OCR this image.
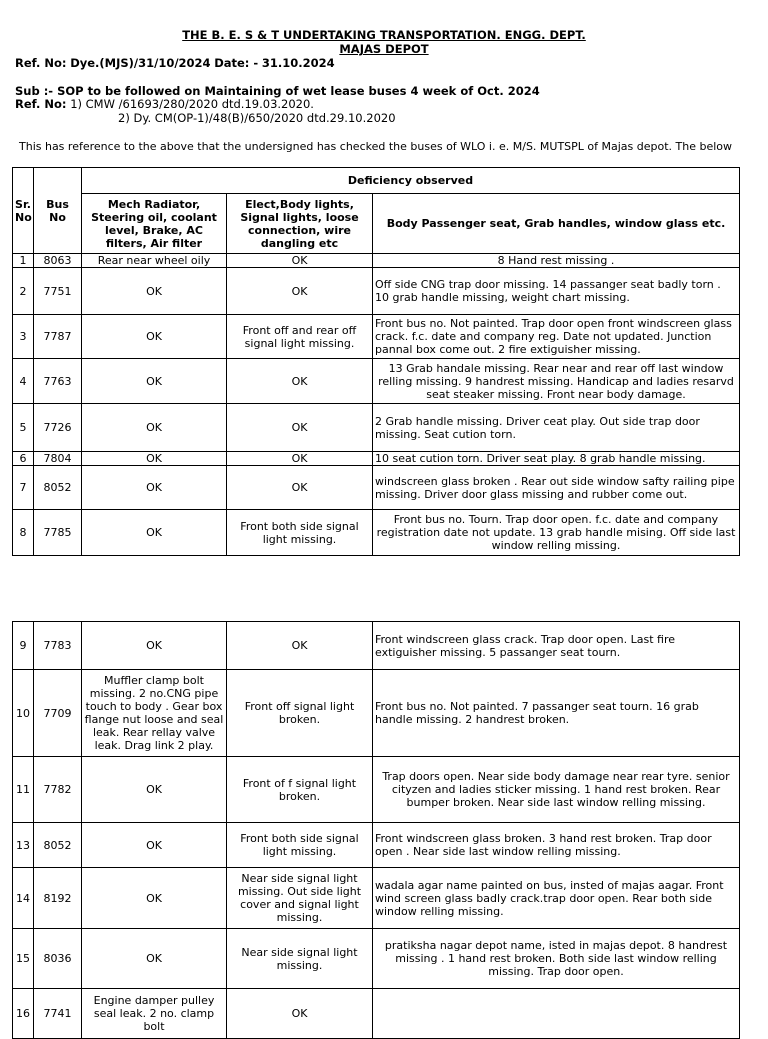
THE B. E. S & T UNDERTAKING TRANSPORTATION. ENGG. DEPT.
MAJAS DEPOT
Ref. No: Dye.(MJS)/31/10/2024 Date: - 31.10.2024
Sub :- SOP to be followed on Maintaining of wet lease buses 4 week of Oct. 2024
Ref. No: 1) CMW /61693/280/2020 dtd.19.03.2020.
2) Dy. CM(OP-1)/48(B)/650/2020 dtd.29.10.2020
This has reference to the above that the undersigned has checked the buses of WLO i. e. M/S. MUTSPL of Majas depot. The below
Sr. No	Bus No	Deficiency observed		
		Mech Radiator, Steering oil, coolant level, Brake, AC filters, Air filter	Elect,Body lights, Signal lights, loose connection, wire dangling etc	Body Passenger seat, Grab handles, window glass etc.
1	8063	Rear near wheel oily	OK	8 Hand rest missing .
2	7751	OK	OK	Off side CNG trap door missing. 14 passanger seat badly torn . 10 grab handle missing, weight chart missing.
3	7787	OK	Front off and rear off signal light missing.	Front bus no. Not painted. Trap door open front windscreen glass crack. f.c. date and company reg. Date not updated. Junction pannal box come out. 2 fire extiguisher missing.
4	7763	OK	OK	13 Grab handale missing. Rear near and rear off last window relling missing. 9 handrest missing. Handicap and ladies resarvd seat steaker missing. Front near body damage.
5	7726	OK	OK	2 Grab handle missing. Driver ceat play. Out side trap door missing. Seat cution torn.
6	7804	OK	OK	10 seat cution torn. Driver seat play. 8 grab handle missing.
7	8052	OK	OK	windscreen glass broken . Rear out side window safty railing pipe missing. Driver door glass missing and rubber come out.
8	7785	OK	Front both side signal light missing.	Front bus no. Tourn. Trap door open. f.c. date and company registration date not update. 13 grab handle mising. Off side last window relling missing.
9	7783	OK	OK	Front windscreen glass crack. Trap door open. Last fire extiguisher missing. 5 passanger seat tourn.
10	7709	Muffler clamp bolt missing. 2 no.CNG pipe touch to body . Gear box flange nut loose and seal leak. Rear rellay valve leak. Drag link 2 play.	Front off signal light broken.	Front bus no. Not painted. 7 passanger seat tourn. 16 grab handle missing. 2 handrest broken.
11	7782	OK	Front of f signal light broken.	Trap doors open. Near side body damage near rear tyre. senior cityzen and ladies sticker missing. 1 hand rest broken. Rear bumper broken. Near side last window relling missing.
13	8052	OK	Front both side signal light missing.	Front windscreen glass broken. 3 hand rest broken. Trap door open . Near side last window relling missing.
14	8192	OK	Near side signal light missing. Out side light cover and signal light missing.	wadala agar name painted on bus, insted of majas aagar. Front wind screen glass badly crack.trap door open. Rear both side window relling missing.
15	8036	OK	Near side signal light missing.	pratiksha nagar depot name, isted in majas depot. 8 handrest missing . 1 hand rest broken. Both side last window relling missing. Trap door open.
16	7741	Engine damper pulley seal leak. 2 no. clamp bolt	OK	
